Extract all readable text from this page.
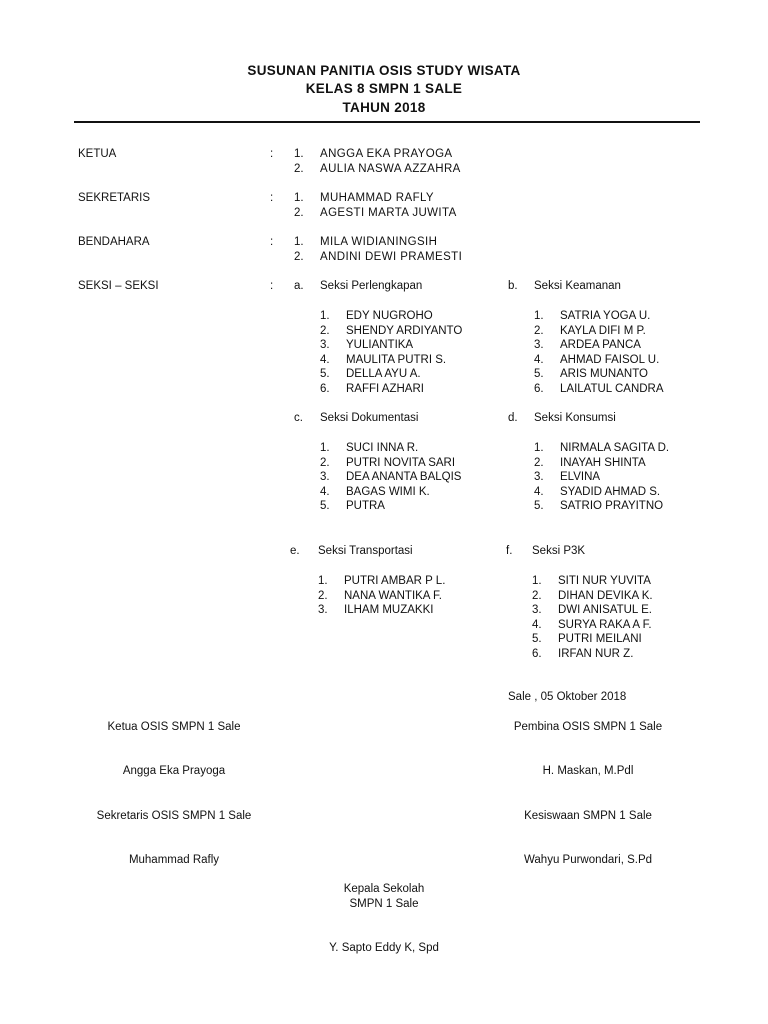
SUSUNAN PANITIA OSIS STUDY WISATA
KELAS 8 SMPN 1 SALE
TAHUN 2018
KETUA	: 1. ANGGA EKA PRAYOGA
2. AULIA NASWA AZZAHRA
SEKRETARIS	: 1. MUHAMMAD RAFLY
2. AGESTI MARTA JUWITA
BENDAHARA	: 1. MILA WIDIANINGSIH
2. ANDINI DEWI PRAMESTI
SEKSI – SEKSI	: a. Seksi Perlengkapan
1. EDY NUGROHO
2. SHENDY ARDIYANTO
3. YULIANTIKA
4. MAULITA PUTRI S.
5. DELLA AYU A.
6. RAFFI AZHARI
b. Seksi Keamanan
1. SATRIA YOGA U.
2. KAYLA DIFI M P.
3. ARDEA PANCA
4. AHMAD FAISOL U.
5. ARIS MUNANTO
6. LAILATUL CANDRA
c. Seksi Dokumentasi
1. SUCI INNA R.
2. PUTRI NOVITA SARI
3. DEA ANANTA BALQIS
4. BAGAS WIMI K.
5. PUTRA
d. Seksi Konsumsi
1. NIRMALA SAGITA D.
2. INAYAH SHINTA
3. ELVINA
4. SYADID AHMAD S.
5. SATRIO PRAYITNO
e. Seksi Transportasi
1. PUTRI AMBAR P L.
2. NANA WANTIKA F.
3. ILHAM MUZAKKI
f. Seksi P3K
1. SITI NUR YUVITA
2. DIHAN DEVIKA K.
3. DWI ANISATUL E.
4. SURYA RAKA A F.
5. PUTRI MEILANI
6. IRFAN NUR Z.
Sale , 05 Oktober 2018
Ketua OSIS SMPN 1 Sale	Pembina OSIS SMPN 1 Sale
Angga Eka Prayoga	H. Maskan, M.Pdl
Sekretaris OSIS SMPN 1 Sale	Kesiswaan SMPN 1 Sale
Muhammad Rafly	Wahyu Purwondari, S.Pd
Kepala Sekolah
SMPN 1 Sale
Y. Sapto Eddy K, Spd
